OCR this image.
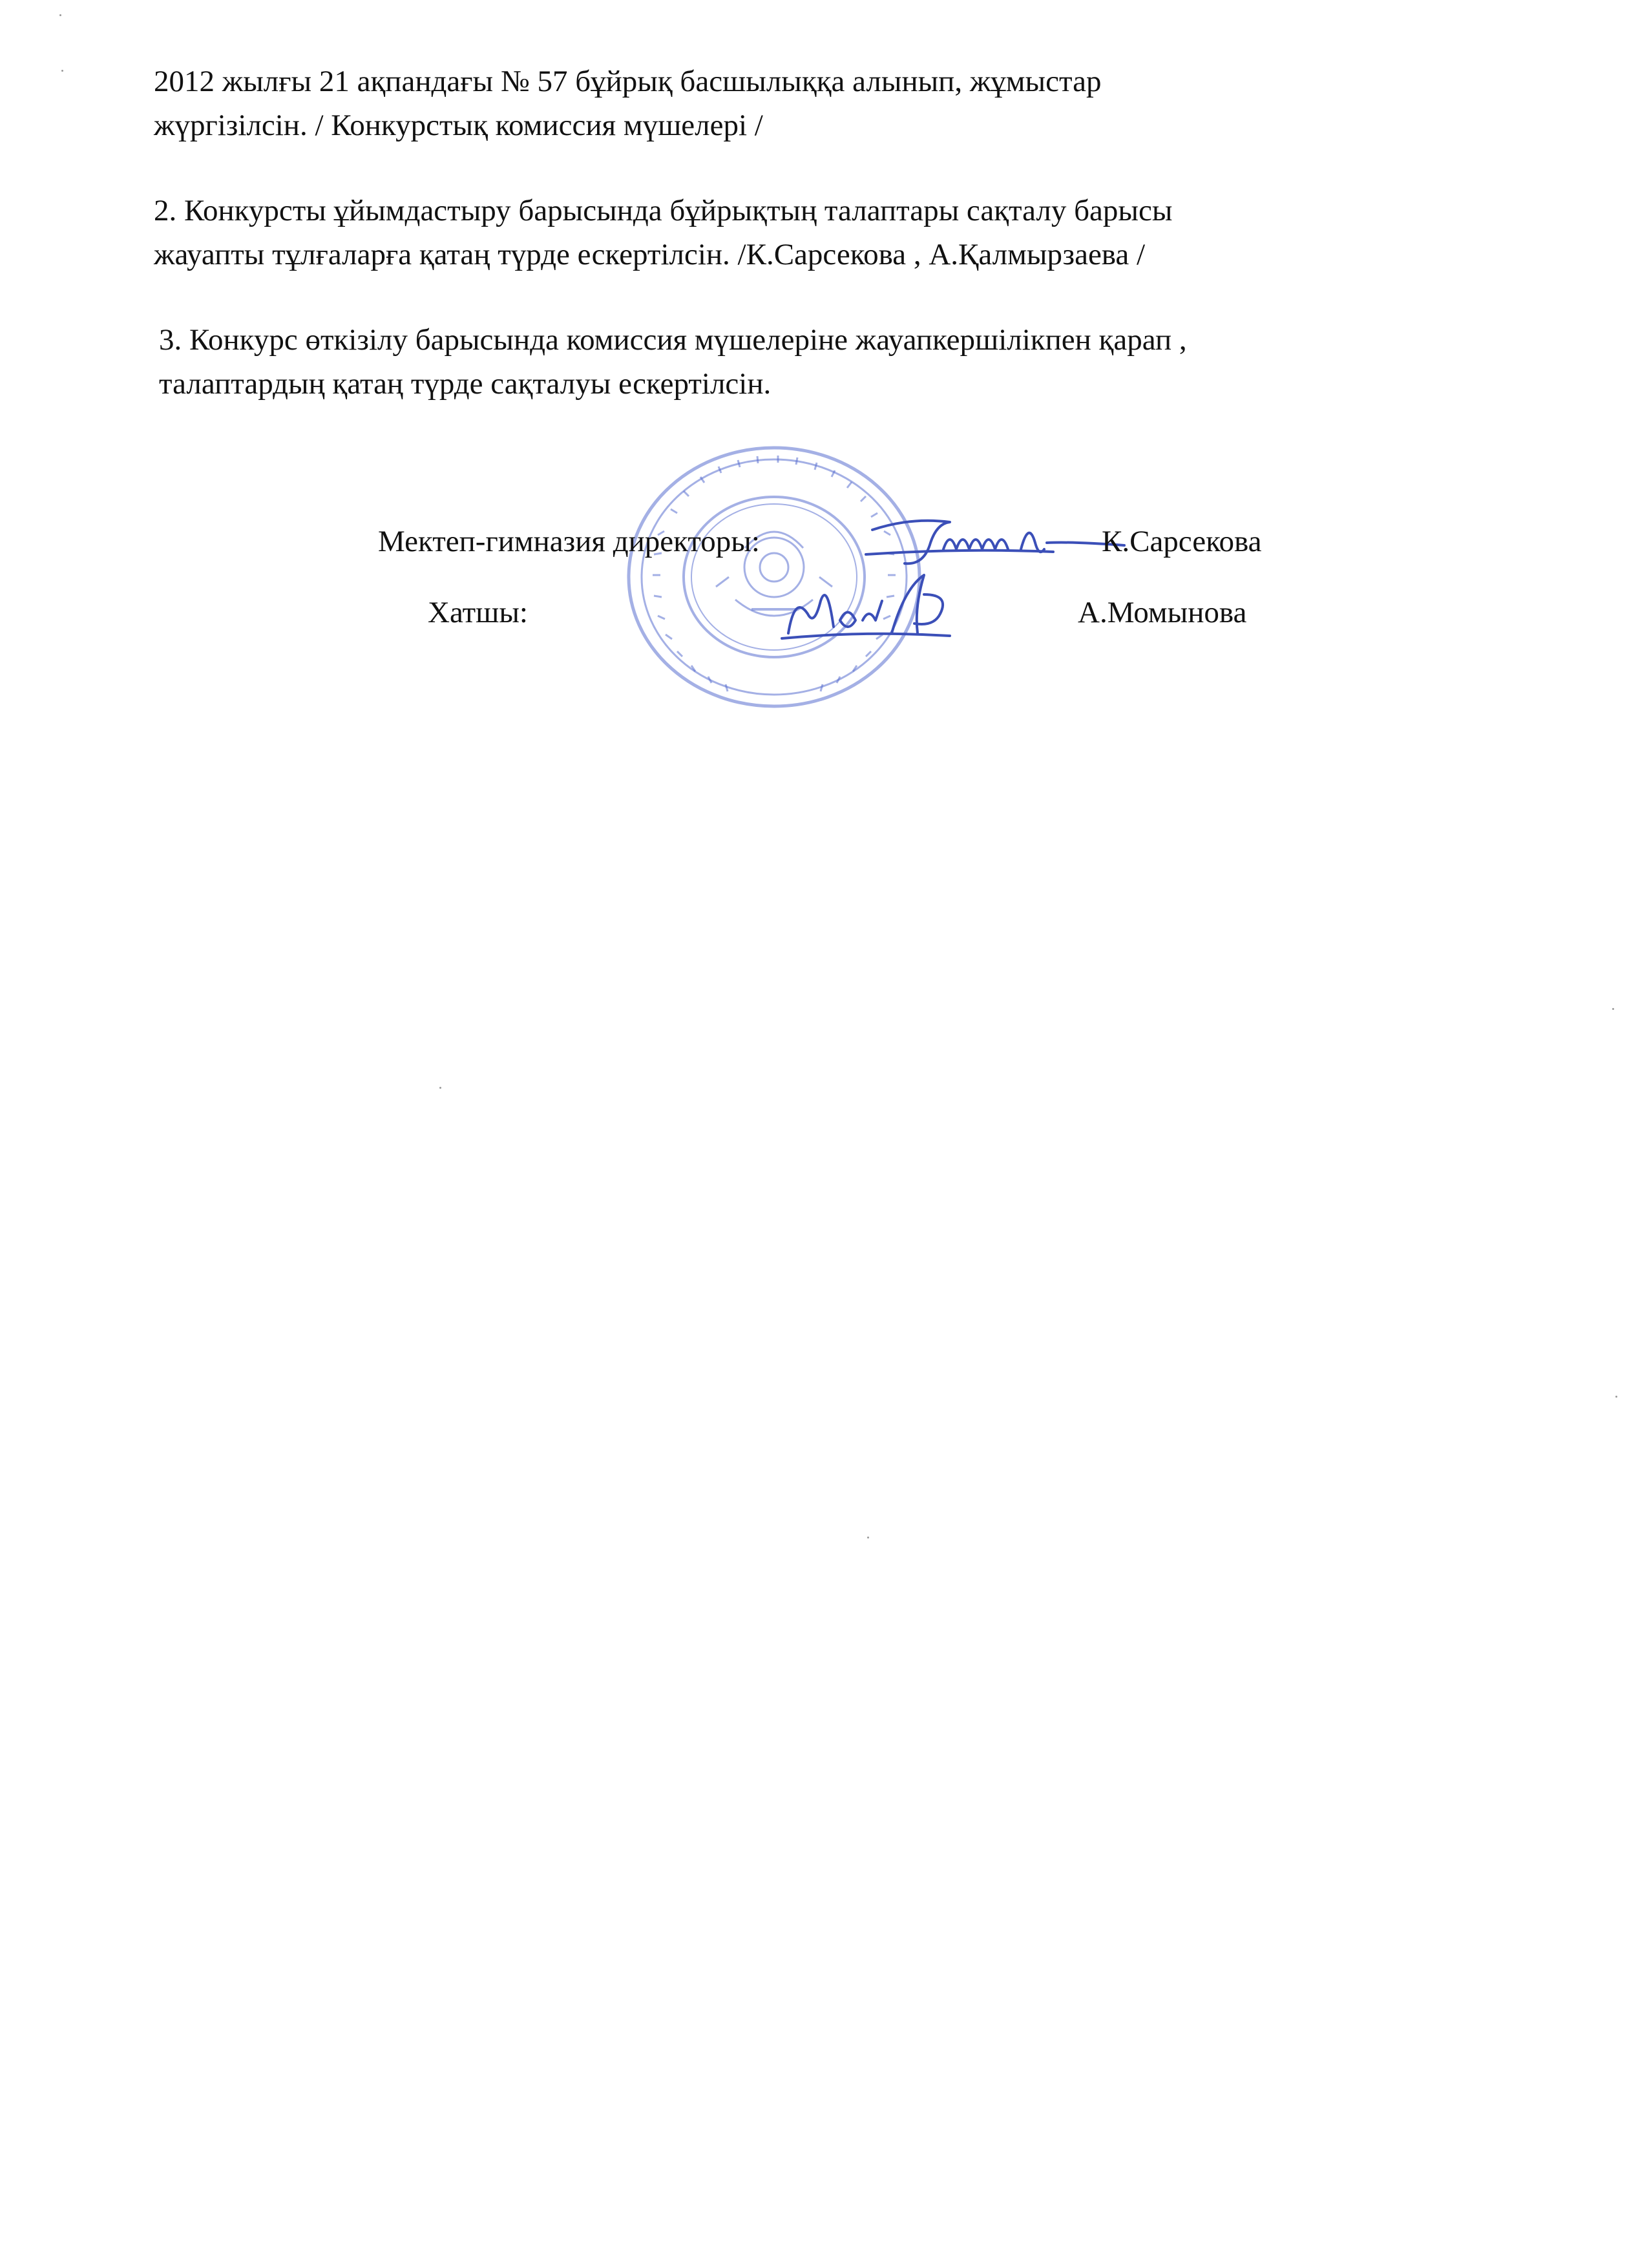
2012 жылғы 21 ақпандағы № 57 бұйрық басшылыққа алынып, жұмыстар
жүргізілсін. / Конкурстық комиссия мүшелері /
2. Конкурсты ұйымдастыру барысында бұйрықтың талаптары сақталу барысы
жауапты тұлғаларға қатаң түрде ескертілсін. /К.Сарсекова , А.Қалмырзаева /
3. Конкурс өткізілу барысында комиссия мүшелеріне жауапкершілікпен қарап ,
талаптардың қатаң түрде сақталуы ескертілсін.
Мектеп-гимназия директоры:	К.Сарсекова
Хатшы:	А.Момынова
